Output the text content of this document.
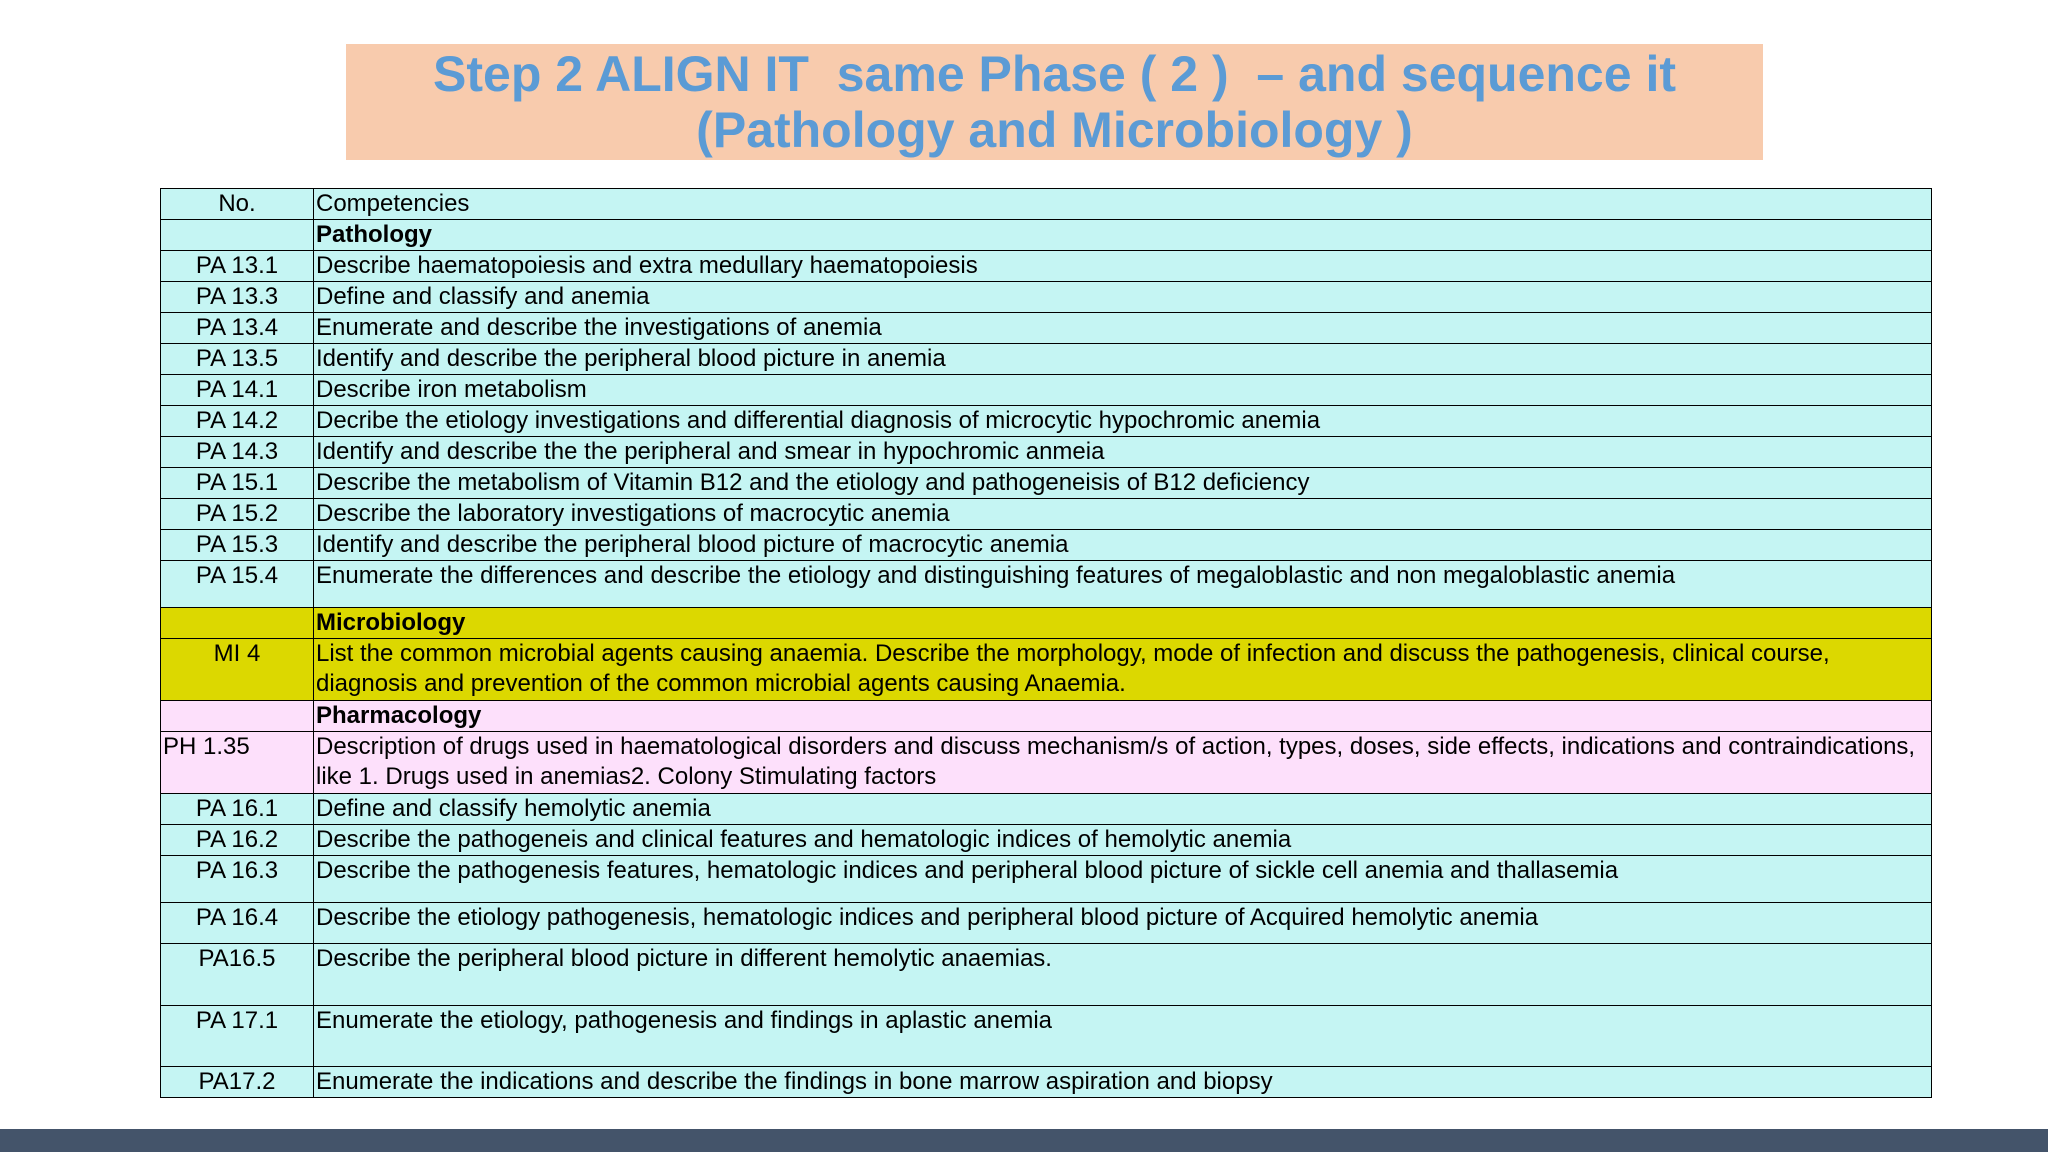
Step 2 ALIGN IT  same Phase ( 2 )  – and sequence it
(Pathology and Microbiology )
No.	Competencies
	Pathology
PA 13.1	Describe haematopoiesis and extra medullary haematopoiesis
PA 13.3	Define and classify and anemia
PA 13.4	Enumerate and describe the investigations of anemia
PA 13.5	Identify and describe the peripheral blood picture in anemia
PA 14.1	Describe iron metabolism
PA 14.2	Decribe the etiology investigations and differential diagnosis of microcytic hypochromic anemia
PA 14.3	Identify and describe the the peripheral and smear in hypochromic anmeia
PA 15.1	Describe the metabolism of Vitamin B12 and the etiology and pathogeneisis of B12 deficiency
PA 15.2	Describe the laboratory investigations of macrocytic anemia
PA 15.3	Identify and describe the peripheral blood picture of macrocytic anemia
PA 15.4	Enumerate the differences and describe the etiology and distinguishing features of megaloblastic and non megaloblastic anemia
	Microbiology
MI 4	List the common microbial agents causing anaemia. Describe the morphology, mode of infection and discuss the pathogenesis, clinical course, diagnosis and prevention of the common microbial agents causing Anaemia.
	Pharmacology
PH 1.35	Description of drugs used in haematological disorders and discuss mechanism/s of action, types, doses, side effects, indications and contraindications, like 1. Drugs used in anemias2. Colony Stimulating factors
PA 16.1	Define and classify hemolytic anemia
PA 16.2	Describe the pathogeneis and clinical features and hematologic indices of hemolytic anemia
PA 16.3	Describe the pathogenesis features, hematologic indices and peripheral blood picture of sickle cell anemia and thallasemia
PA 16.4	Describe the etiology pathogenesis, hematologic indices and peripheral blood picture of Acquired hemolytic anemia
PA16.5	Describe the peripheral blood picture in different hemolytic anaemias.
PA 17.1	Enumerate the etiology, pathogenesis and findings in aplastic anemia
PA17.2	Enumerate the indications and describe the findings in bone marrow aspiration and biopsy
